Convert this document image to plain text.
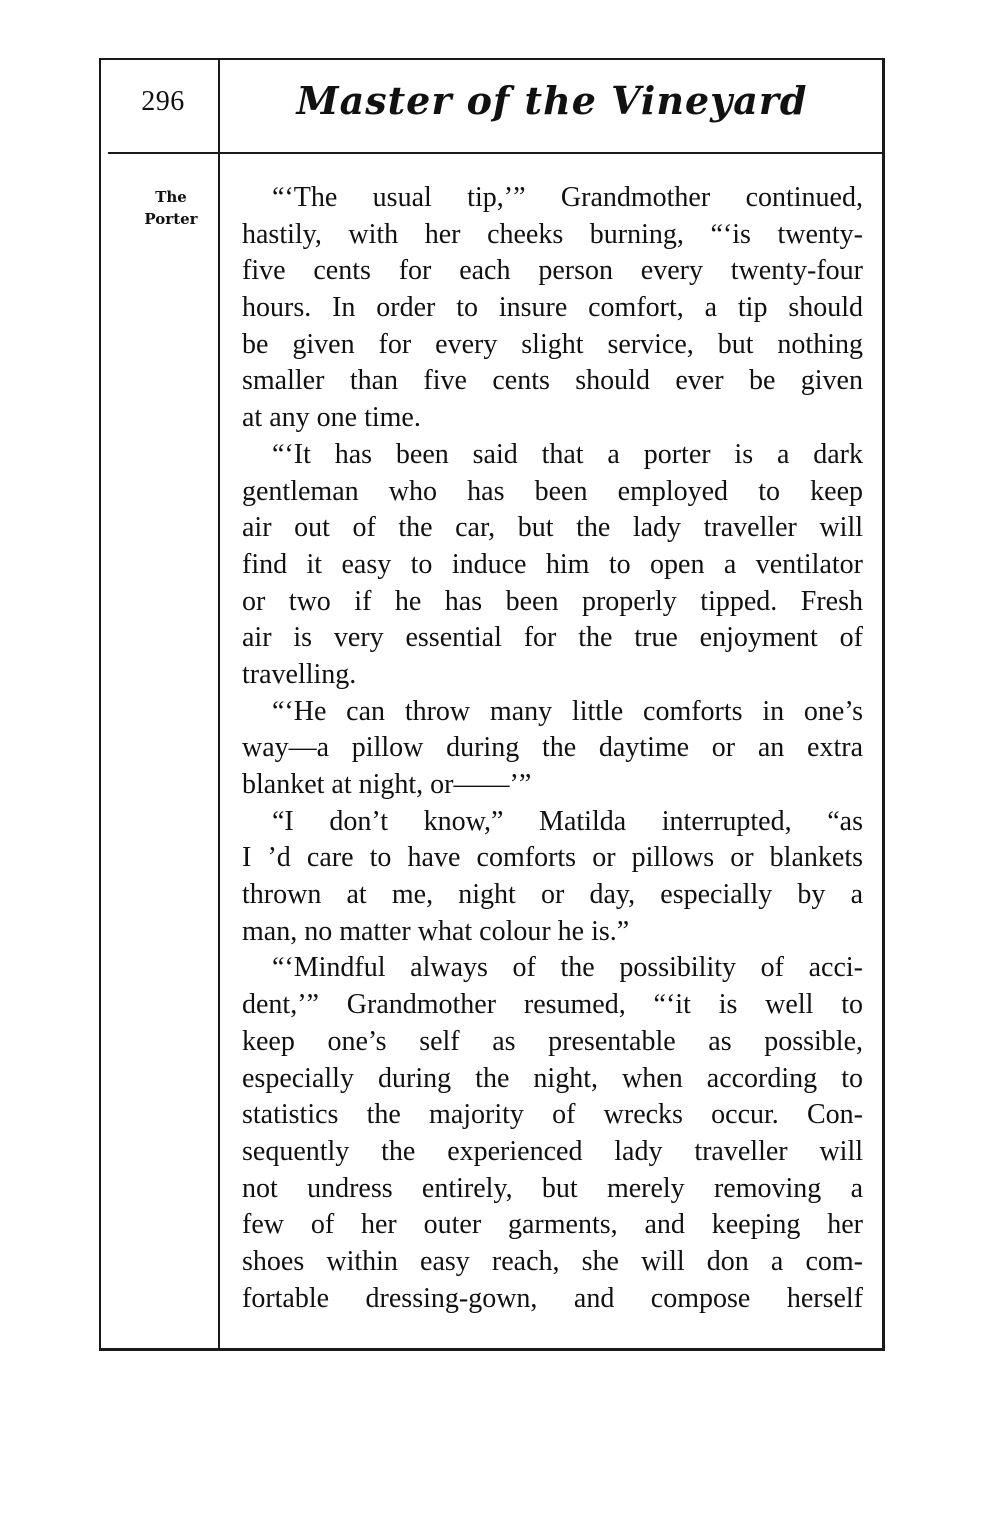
296	Master of the Vineyard
The
Porter
“‘The usual tip,’” Grandmother continued,
hastily, with her cheeks burning, “‘is twenty-
five cents for each person every twenty-four
hours. In order to insure comfort, a tip should
be given for every slight service, but nothing
smaller than five cents should ever be given
at any one time.
“‘It has been said that a porter is a dark
gentleman who has been employed to keep
air out of the car, but the lady traveller will
find it easy to induce him to open a ventilator
or two if he has been properly tipped. Fresh
air is very essential for the true enjoyment of
travelling.
“‘He can throw many little comforts in one’s
way—a pillow during the daytime or an extra
blanket at night, or——’”
“I don’t know,” Matilda interrupted, “as
I ’d care to have comforts or pillows or blankets
thrown at me, night or day, especially by a
man, no matter what colour he is.”
“‘Mindful always of the possibility of acci-
dent,’” Grandmother resumed, “‘it is well to
keep one’s self as presentable as possible,
especially during the night, when according to
statistics the majority of wrecks occur. Con-
sequently the experienced lady traveller will
not undress entirely, but merely removing a
few of her outer garments, and keeping her
shoes within easy reach, she will don a com-
fortable dressing-gown, and compose herself
